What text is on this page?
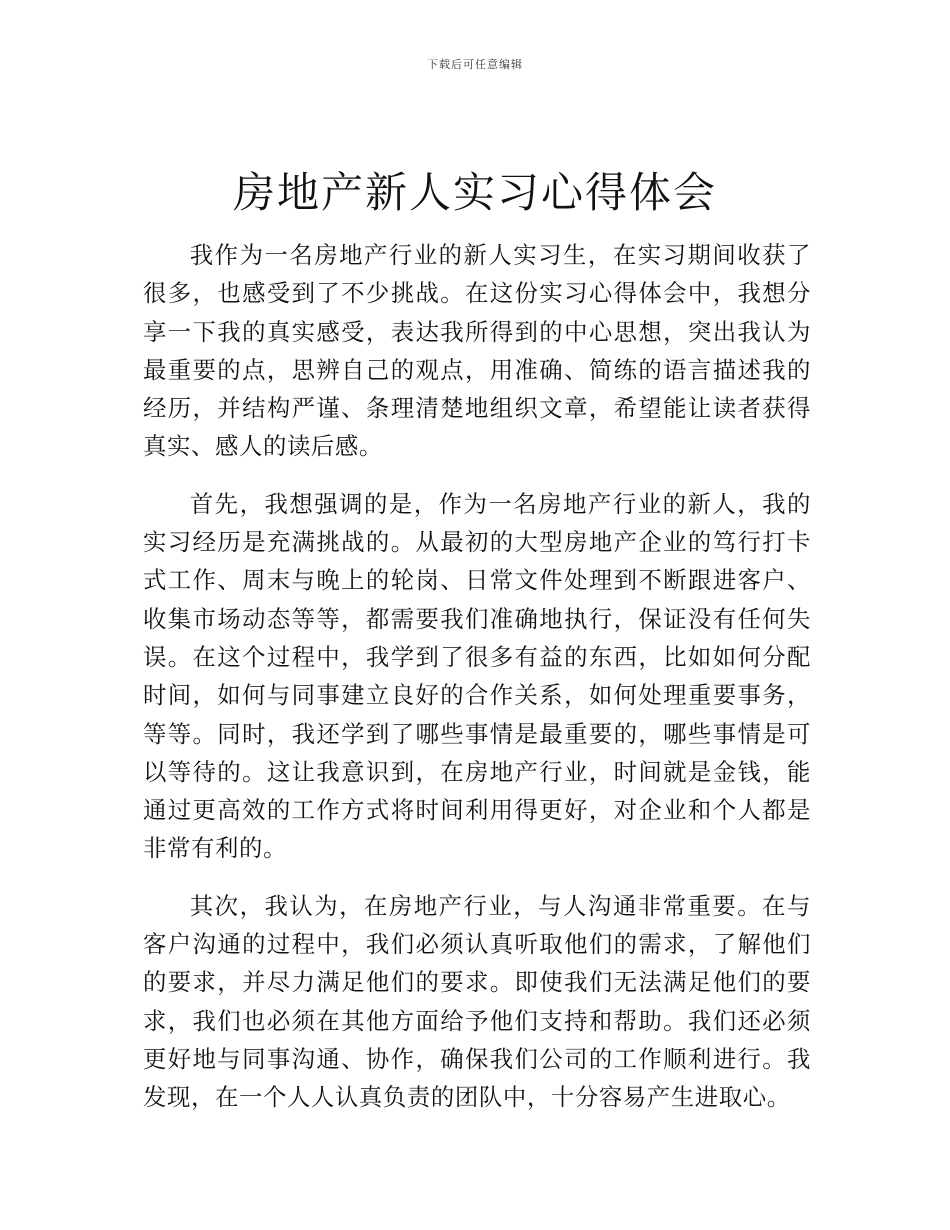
下载后可任意编辑
房地产新人实习心得体会

我作为一名房地产行业的新人实习生，在实习期间收获了很多，也感受到了不少挑战。在这份实习心得体会中，我想分享一下我的真实感受，表达我所得到的中心思想，突出我认为最重要的点，思辨自己的观点，用准确、简练的语言描述我的经历，并结构严谨、条理清楚地组织文章，希望能让读者获得真实、感人的读后感。

首先，我想强调的是，作为一名房地产行业的新人，我的实习经历是充满挑战的。从最初的大型房地产企业的笃行打卡式工作、周末与晚上的轮岗、日常文件处理到不断跟进客户、收集市场动态等等，都需要我们准确地执行，保证没有任何失误。在这个过程中，我学到了很多有益的东西，比如如何分配时间，如何与同事建立良好的合作关系，如何处理重要事务，等等。同时，我还学到了哪些事情是最重要的，哪些事情是可以等待的。这让我意识到，在房地产行业，时间就是金钱，能通过更高效的工作方式将时间利用得更好，对企业和个人都是非常有利的。

其次，我认为，在房地产行业，与人沟通非常重要。在与客户沟通的过程中，我们必须认真听取他们的需求，了解他们的要求，并尽力满足他们的要求。即使我们无法满足他们的要求，我们也必须在其他方面给予他们支持和帮助。我们还必须更好地与同事沟通、协作，确保我们公司的工作顺利进行。我发现，在一个人人认真负责的团队中，十分容易产生进取心。
